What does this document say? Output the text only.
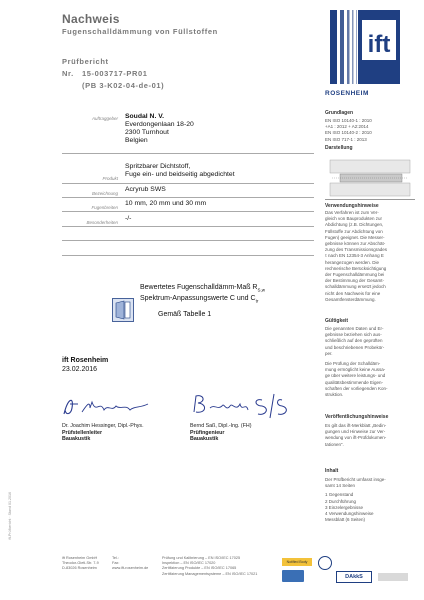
Nachweis
Fugenschalldämmung von Füllstoffen
Prüfbericht
Nr. 15-003717-PR01
(PB 3-K02-04-de-01)
ift
ROSENHEIM
Grundlagen
EN ISO 10140-1 : 2010
+A1 : 2012 + A2:2014
EN ISO 10140-2 : 2010
EN ISO 717-1 : 2013
Darstellung
Verwendungshinweise
Das Verfahren ist zum Ver-
gleich von Bauprodukten zur
Abdichtung (z.B. Dichtungen,
Füllstoffe zur Abdichtung von
Fugen) geeignet. Die Messer-
gebnisse können zur Abschät-
zung des Transmissionsgrades
τ nach EN 12354-3 Anhang E
herangezogen werden. Die
rechnerische Berücksichtigung
der Fugenschalldämmung bei
der Bestimmung der Gesamt-
schalldämmung ersetzt jedoch
nicht den Nachweis für eine
Gesamtfensterdämmung.
Gültigkeit
Die genannten Daten und Er-
gebnisse beziehen sich aus-
schließlich auf den geprüften
und beschriebenen Probekör-
per.
Die Prüfung der Schalldäm-
mung ermöglicht keine Aussa-
ge über weitere leistungs- und
qualitätsbestimmende Eigen-
schaften der vorliegenden Kon-
struktion.
Veröffentlichungshinweise
Es gilt das ift-Merkblatt „Bedin-
gungen und Hinweise zur Ver-
wendung von ift-Prüfdokumen-
tationen“.
Inhalt
Der Prüfbericht umfasst insge-
samt 14 Seiten
1 Gegenstand
2 Durchführung
3 Einzelergebnisse
4 Verwendungshinweise
Messblatt (6 Seiten)
Auftraggeber Soudal N. V.
Everdongenlaan 18-20
2300 Turnhout
Belgien
Produkt
Spritzbarer Dichtstoff,
Fuge ein- und beidseitig abgedichtet
Bezeichnung
Acryrub SWS
Fugenbreiten
10 mm, 20 mm und 30 mm
Besonderheiten
-/-
Bewertetes Fugenschalldämm-Maß $R_{S,w}$
Spektrum-Anpassungswerte C und $C_{tr}$
Gemäß Tabelle 1
ift Rosenheim
23.02.2016
Dr. Joachim Hessinger, Dipl.-Phys.
Prüfstellenleiter
Bauakustik
Bernd Saß, Dipl.-Ing. (FH)
Prüfingenieur
Bauakustik
ift-Prüfbericht · Stand 01.2016
ift Rosenheim GmbH
Theodor-Gietl-Str. 7-9
D-83026 Rosenheim
Tel.:
Fax:
www.ift-rosenheim.de
Prüfung und Kalibrierung – EN ISO/IEC 17025
Inspektion – EN ISO/IEC 17020
Zertifizierung Produkte – EN ISO/IEC 17065
Zertifizierung Managementsysteme – EN ISO/IEC 17021
Notified Body
DAkkS
